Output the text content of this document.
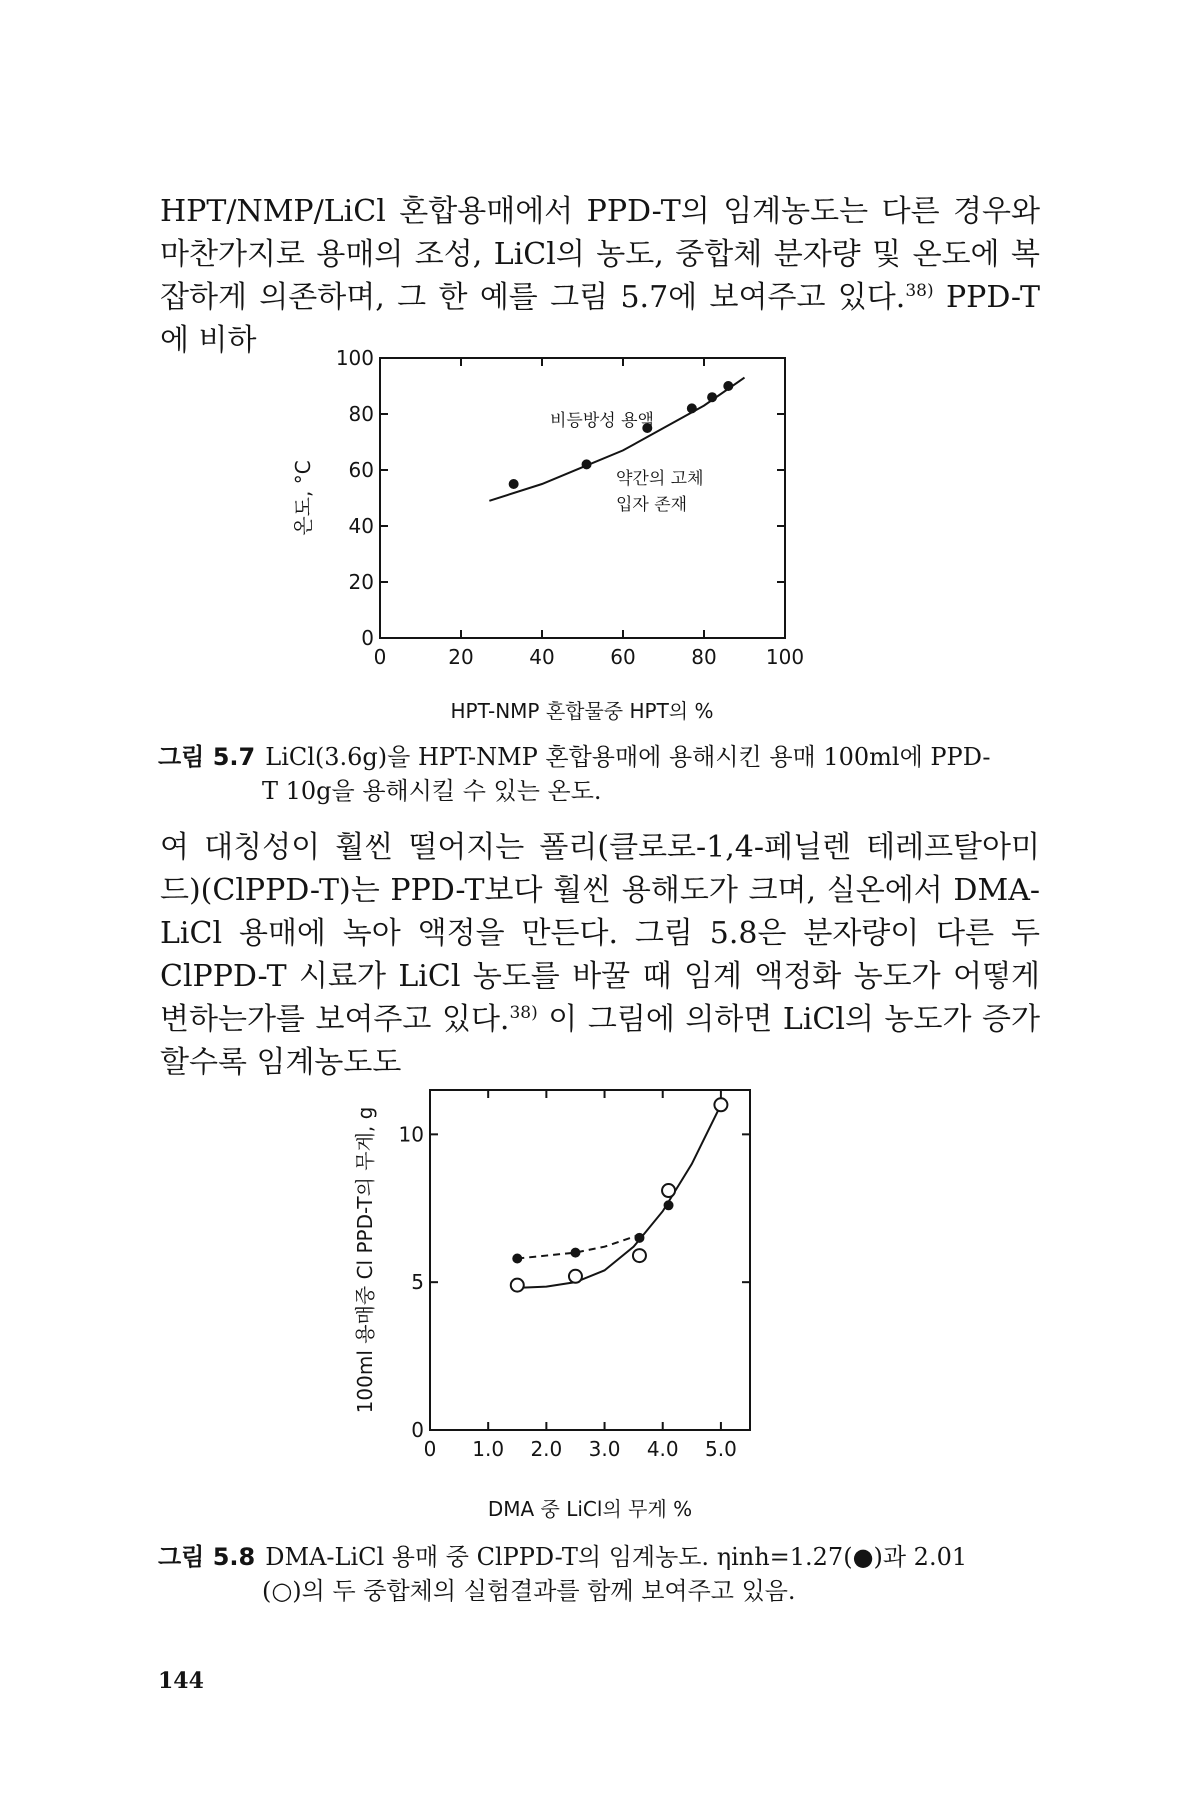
HPT/NMP/LiCl 혼합용매에서 PPD-T의 임계농도는 다른 경우와 마찬가지로 용매의 조성, LiCl의 농도, 중합체 분자량 및 온도에 복잡하게 의존하며, 그 한 예를 그림 5.7에 보여주고 있다.$^{38)}$ PPD-T에 비하

0
20
40
60
80
100
0	20	40	60	80 100
온도, °C
HPT-NMP 혼합물중 HPT의 %
비등방성 용액
약간의 고체
입자 존재
그림 5.7 LiCl(3.6g)을 HPT-NMP 혼합용매에 용해시킨 용매 100ml에 PPD-
T 10g을 용해시킬 수 있는 온도.

여 대칭성이 훨씬 떨어지는 폴리(클로로-1,4-페닐렌 테레프탈아미드)(ClPPD-T)는 PPD-T보다 훨씬 용해도가 크며, 실온에서 DMA-LiCl 용매에 녹아 액정을 만든다. 그림 5.8은 분자량이 다른 두 ClPPD-T 시료가 LiCl 농도를 바꿀 때 임계 액정화 농도가 어떻게 변하는가를 보여주고 있다.$^{38)}$ 이 그림에 의하면 LiCl의 농도가 증가할수록 임계농도도

0
5
10
0 1.0 2.0 3.0 4.0 5.0
100ml 용매중 Cl PPD-T의 무게, g
DMA 중 LiCl의 무게 %
그림 5.8 DMA-LiCl 용매 중 ClPPD-T의 임계농도. ηinh=1.27(●)과 2.01
(○)의 두 중합체의 실험결과를 함께 보여주고 있음.
144
